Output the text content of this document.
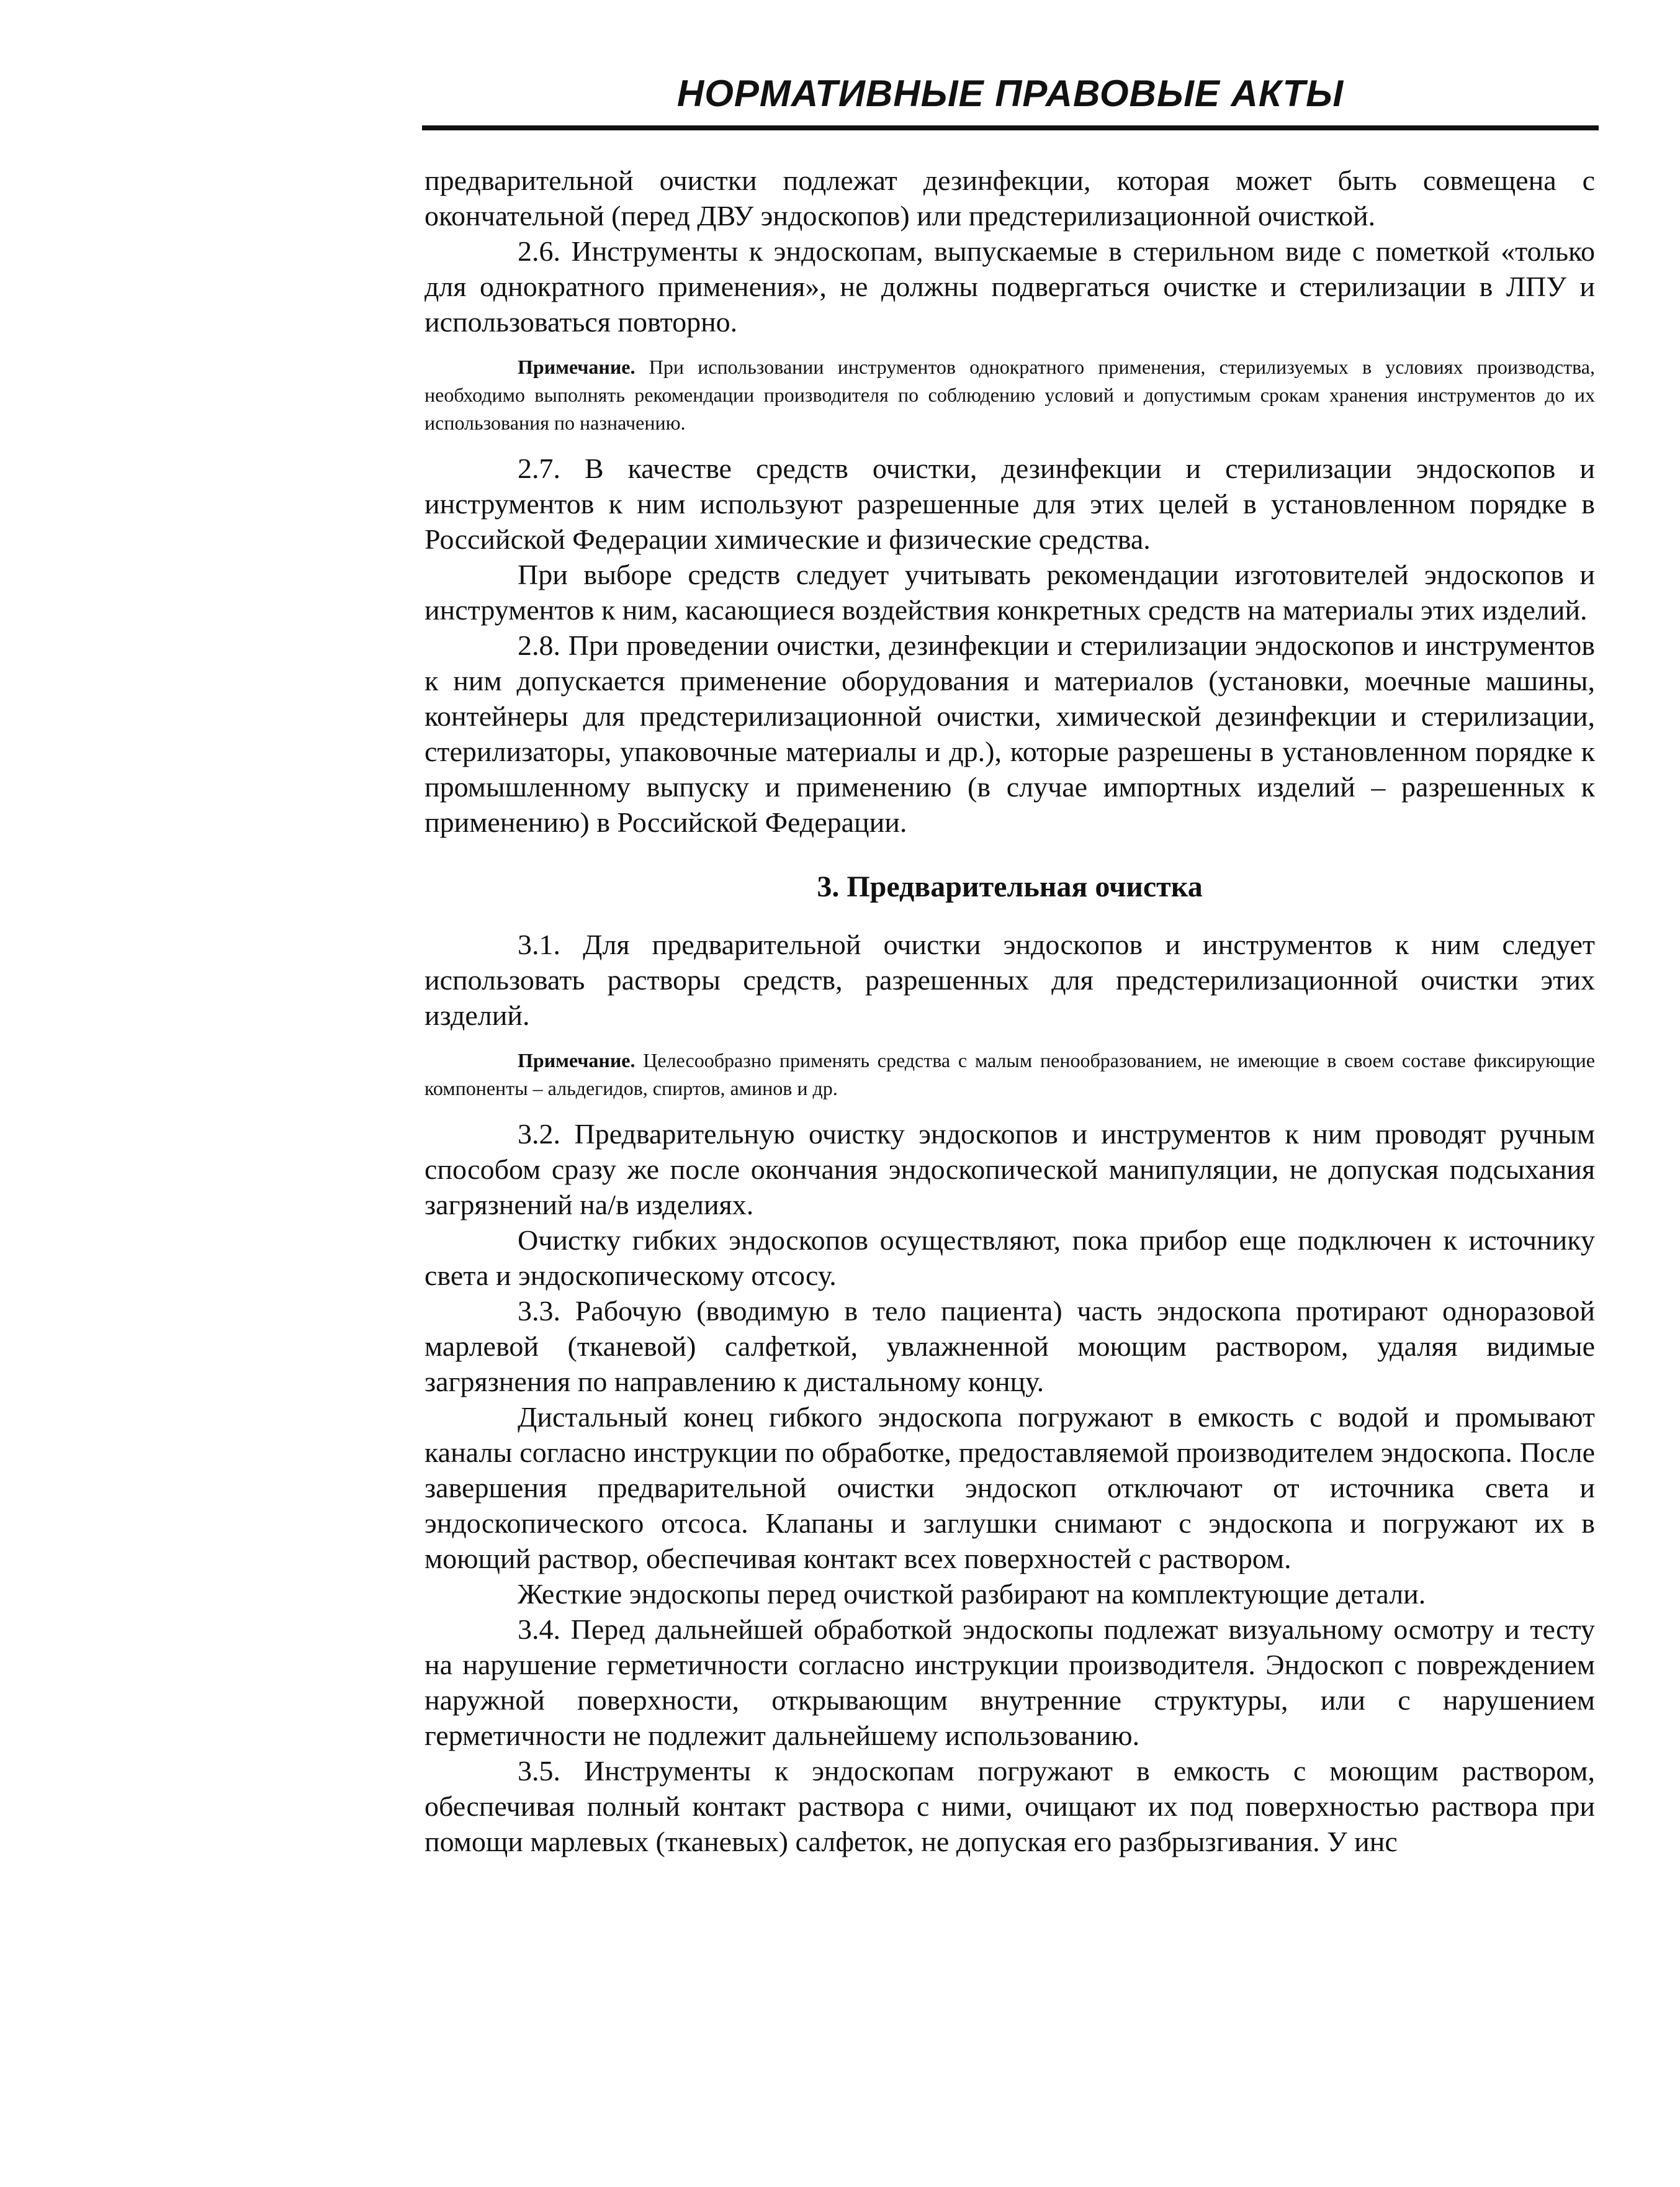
НОРМАТИВНЫЕ ПРАВОВЫЕ АКТЫ

предварительной очистки подлежат дезинфекции, которая может быть совмещена с окончательной (перед ДВУ эндоскопов) или предстерилизационной очисткой.

2.6. Инструменты к эндоскопам, выпускаемые в стерильном виде с пометкой «только для однократного применения», не должны подвергаться очистке и стерилизации в ЛПУ и использоваться повторно.

Примечание. При использовании инструментов однократного применения, стерилизуемых в условиях производства, необходимо выполнять рекомендации производителя по соблюдению условий и допустимым срокам хранения инструментов до их использования по назначению.

2.7. В качестве средств очистки, дезинфекции и стерилизации эндоскопов и инструментов к ним используют разрешенные для этих целей в установленном порядке в Российской Федерации химические и физические средства.

При выборе средств следует учитывать рекомендации изготовителей эндоскопов и инструментов к ним, касающиеся воздействия конкретных средств на материалы этих изделий.

2.8. При проведении очистки, дезинфекции и стерилизации эндоскопов и инструментов к ним допускается применение оборудования и материалов (установки, моечные машины, контейнеры для предстерилизационной очистки, химической дезинфекции и стерилизации, стерилизаторы, упаковочные материалы и др.), которые разрешены в установленном порядке к промышленному выпуску и применению (в случае импортных изделий – разрешенных к применению) в Российской Федерации.

3. Предварительная очистка

3.1. Для предварительной очистки эндоскопов и инструментов к ним следует использовать растворы средств, разрешенных для предстерилизационной очистки этих изделий.

Примечание. Целесообразно применять средства с малым пенообразованием, не имеющие в своем составе фиксирующие компоненты – альдегидов, спиртов, аминов и др.

3.2. Предварительную очистку эндоскопов и инструментов к ним проводят ручным способом сразу же после окончания эндоскопической манипуляции, не допуская подсыхания загрязнений на/в изделиях.

Очистку гибких эндоскопов осуществляют, пока прибор еще подключен к источнику света и эндоскопическому отсосу.

3.3. Рабочую (вводимую в тело пациента) часть эндоскопа протирают одноразовой марлевой (тканевой) салфеткой, увлажненной моющим раствором, удаляя видимые загрязнения по направлению к дистальному концу.

Дистальный конец гибкого эндоскопа погружают в емкость с водой и промывают каналы согласно инструкции по обработке, предоставляемой производителем эндоскопа. После завершения предварительной очистки эндоскоп отключают от источника света и эндоскопического отсоса. Клапаны и заглушки снимают с эндоскопа и погружают их в моющий раствор, обеспечивая контакт всех поверхностей с раствором.

Жесткие эндоскопы перед очисткой разбирают на комплектующие детали.

3.4. Перед дальнейшей обработкой эндоскопы подлежат визуальному осмотру и тесту на нарушение герметичности согласно инструкции производителя. Эндоскоп с повреждением наружной поверхности, открывающим внутренние структуры, или с нарушением герметичности не подлежит дальнейшему использованию.

3.5. Инструменты к эндоскопам погружают в емкость с моющим раствором, обеспечивая полный контакт раствора с ними, очищают их под поверхностью раствора при помощи марлевых (тканевых) салфеток, не допуская его разбрызгивания. У инс
